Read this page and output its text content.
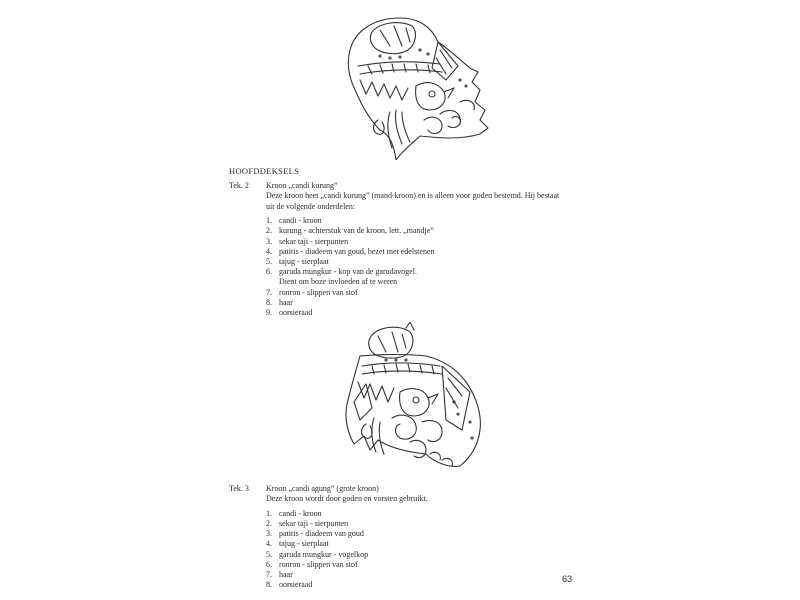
HOOFDDEKSELS
Tek. 2	Kroon „candi kurung”
Deze kroon heet „candi kurung” (mand-kroon) en is alleen voor goden bestemd. Hij bestaat uit de volgende onderdelen:
1. candi - kroon
2. kurung - achterstuk van de kroon, lett. „mandje”
3. sekar taji - sierpunten
4. patitis - diadeem van goud, bezet met edelstenen
5. tajug - sierplaat
6. garuda mungkur - kop van de garudavogel.
Dient om boze invloeden af te weren
7. ronron - slippen van stof
8. haar
9. oorsieraad
Tek. 3	Kroon „candi agung” (grote kroon)
Deze kroon wordt door goden en vorsten gebruikt.
1. candi - kroon
2. sekar taji - sierpunten
3. patitis - diadeem van goud
4. tajug - sierplaat
5. garuda mungkur - vogelkop
6. ronron - slippen van stof
7. haar
8. oorsieraad
63
